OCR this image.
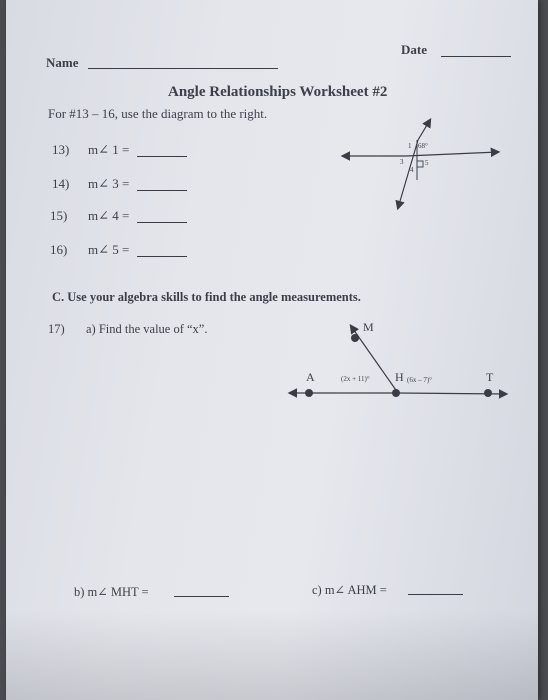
Date
Name
Angle Relationships Worksheet #2
For #13 – 16, use the diagram to the right.
13) m∠ 1 =
14) m∠ 3 =
15) m∠ 4 =
16) m∠ 5 =
68°
1
3
4
5
C. Use your algebra skills to find the angle measurements.
17) a) Find the value of “x”.	M
A	H	T
(2x + 11)°	(6x – 7)°
b) m∠ MHT =	c) m∠ AHM =
